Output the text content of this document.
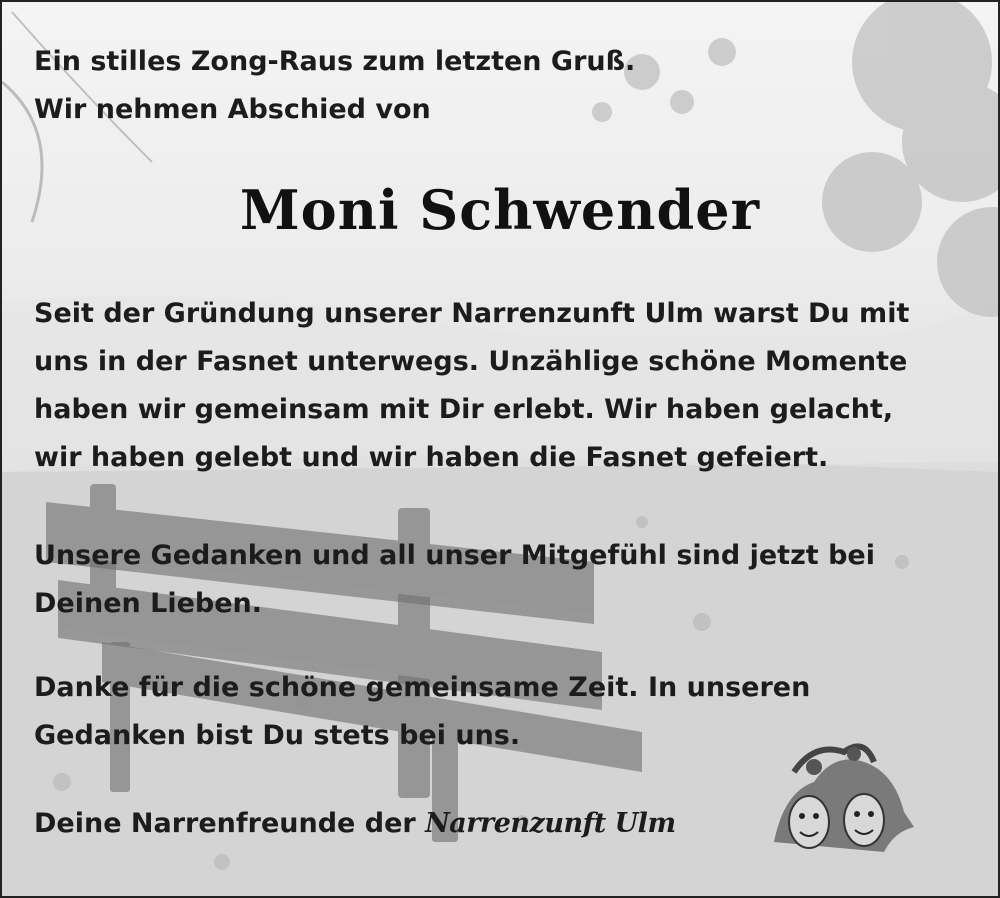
Ein stilles Zong-Raus zum letzten Gruß.
Wir nehmen Abschied von
Moni Schwender
Seit der Gründung unserer Narrenzunft Ulm warst Du mit
uns in der Fasnet unterwegs. Unzählige schöne Momente
haben wir gemeinsam mit Dir erlebt. Wir haben gelacht,
wir haben gelebt und wir haben die Fasnet gefeiert.
Unsere Gedanken und all unser Mitgefühl sind jetzt bei
Deinen Lieben.
Danke für die schöne gemeinsame Zeit. In unseren
Gedanken bist Du stets bei uns.
Deine Narrenfreunde der Narrenzunft Ulm
